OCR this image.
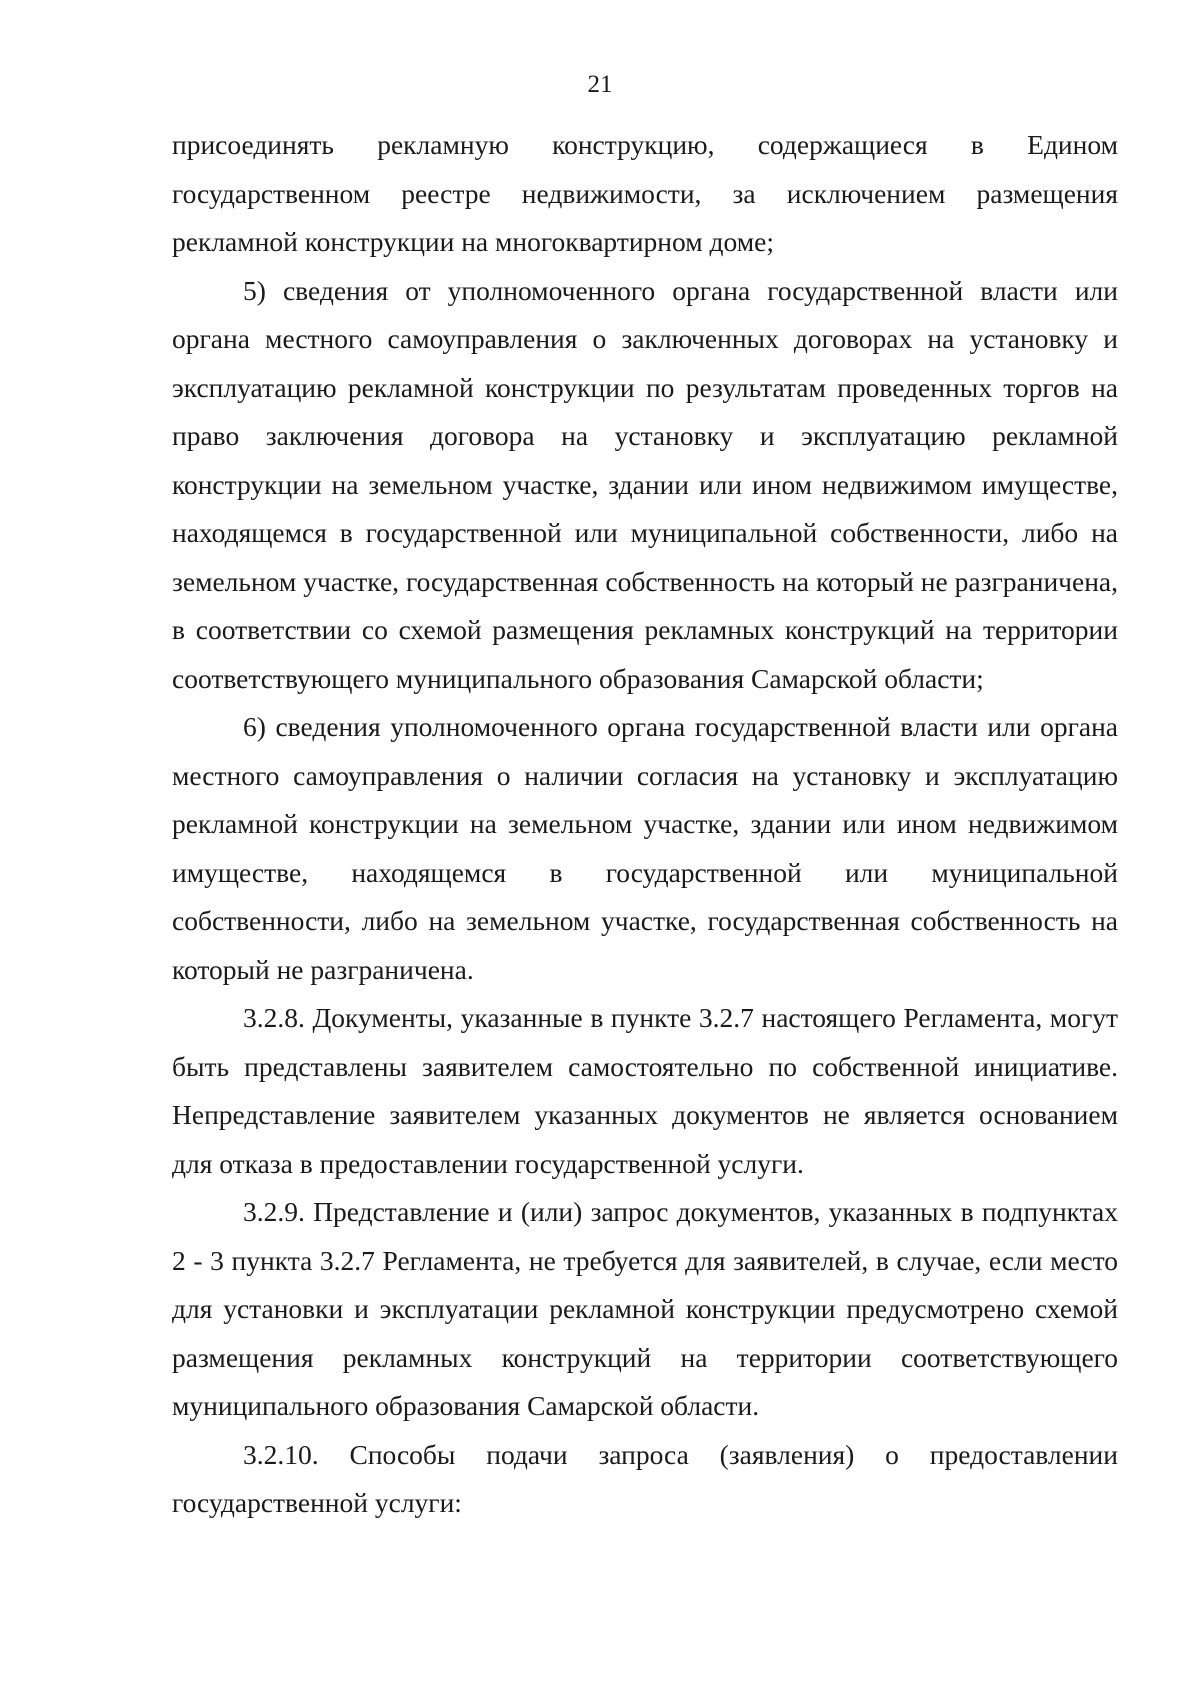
21

присоединять рекламную конструкцию, содержащиеся в Едином государственном реестре недвижимости, за исключением размещения рекламной конструкции на многоквартирном доме;

5) сведения от уполномоченного органа государственной власти или органа местного самоуправления о заключенных договорах на установку и эксплуатацию рекламной конструкции по результатам проведенных торгов на право заключения договора на установку и эксплуатацию рекламной конструкции на земельном участке, здании или ином недвижимом имуществе, находящемся в государственной или муниципальной собственности, либо на земельном участке, государственная собственность на который не разграничена, в соответствии со схемой размещения рекламных конструкций на территории соответствующего муниципального образования Самарской области;

6) сведения уполномоченного органа государственной власти или органа местного самоуправления о наличии согласия на установку и эксплуатацию рекламной конструкции на земельном участке, здании или ином недвижимом имуществе, находящемся в государственной или муниципальной собственности, либо на земельном участке, государственная собственность на который не разграничена.

3.2.8. Документы, указанные в пункте 3.2.7 настоящего Регламента, могут быть представлены заявителем самостоятельно по собственной инициативе. Непредставление заявителем указанных документов не является основанием для отказа в предоставлении государственной услуги.

3.2.9. Представление и (или) запрос документов, указанных в подпунктах 2 - 3 пункта 3.2.7 Регламента, не требуется для заявителей, в случае, если место для установки и эксплуатации рекламной конструкции предусмотрено схемой размещения рекламных конструкций на территории соответствующего муниципального образования Самарской области.

3.2.10. Способы подачи запроса (заявления) о предоставлении государственной услуги:
